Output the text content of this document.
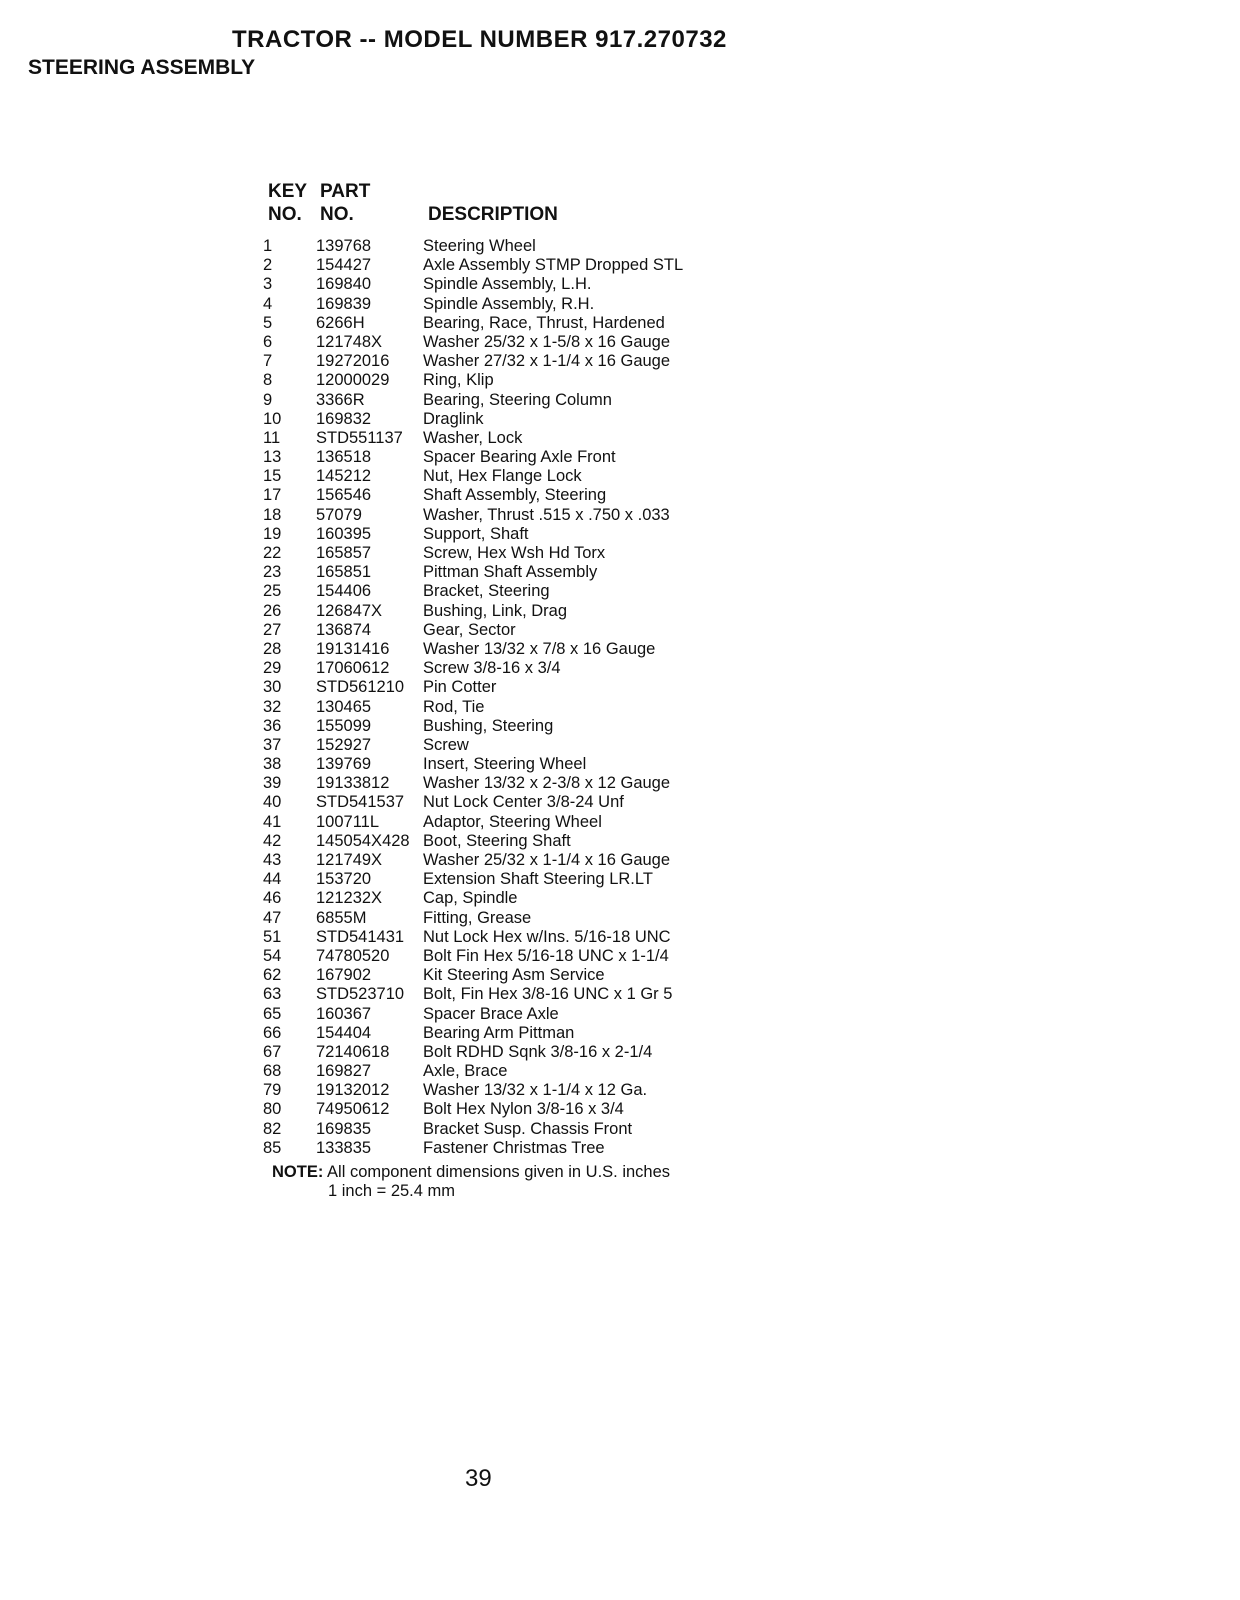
TRACTOR -- MODEL NUMBER 917.270732
STEERING ASSEMBLY
KEY
NO.
PART
NO.	DESCRIPTION
1	139768	Steering Wheel
2	154427	Axle Assembly STMP Dropped STL
3	169840	Spindle Assembly, L.H.
4	169839	Spindle Assembly, R.H.
5	6266H	Bearing, Race, Thrust, Hardened
6	121748X Washer 25/32 x 1-5/8 x 16 Gauge
7	19272016 Washer 27/32 x 1-1/4 x 16 Gauge
8	12000029 Ring, Klip
9	3366R	Bearing, Steering Column
10 169832	Draglink
11 STD551137 Washer, Lock
13 136518	Spacer Bearing Axle Front
15 145212	Nut, Hex Flange Lock
17 156546	Shaft Assembly, Steering
18 57079	Washer, Thrust .515 x .750 x .033
19 160395	Support, Shaft
22 165857	Screw, Hex Wsh Hd Torx
23 165851	Pittman Shaft Assembly
25 154406	Bracket, Steering
26 126847X Bushing, Link, Drag
27 136874	Gear, Sector
28 19131416 Washer 13/32 x 7/8 x 16 Gauge
29 17060612 Screw 3/8-16 x 3/4
30 STD561210 Pin Cotter
32 130465	Rod, Tie
36 155099	Bushing, Steering
37 152927	Screw
38 139769	Insert, Steering Wheel
39 19133812 Washer 13/32 x 2-3/8 x 12 Gauge
40 STD541537 Nut Lock Center 3/8-24 Unf
41 100711L	Adaptor, Steering Wheel
42 145054X428 Boot, Steering Shaft
43 121749X Washer 25/32 x 1-1/4 x 16 Gauge
44 153720	Extension Shaft Steering LR.LT
46 121232X Cap, Spindle
47 6855M	Fitting, Grease
51 STD541431 Nut Lock Hex w/Ins. 5/16-18 UNC
54 74780520 Bolt Fin Hex 5/16-18 UNC x 1-1/4
62 167902	Kit Steering Asm Service
63 STD523710 Bolt, Fin Hex 3/8-16 UNC x 1 Gr 5
65 160367	Spacer Brace Axle
66 154404	Bearing Arm Pittman
67 72140618 Bolt RDHD Sqnk 3/8-16 x 2-1/4
68 169827	Axle, Brace
79 19132012 Washer 13/32 x 1-1/4 x 12 Ga.
80 74950612 Bolt Hex Nylon 3/8-16 x 3/4
82 169835	Bracket Susp. Chassis Front
85 133835	Fastener Christmas Tree
NOTE: All component dimensions given in U.S. inches
1 inch = 25.4 mm
39
